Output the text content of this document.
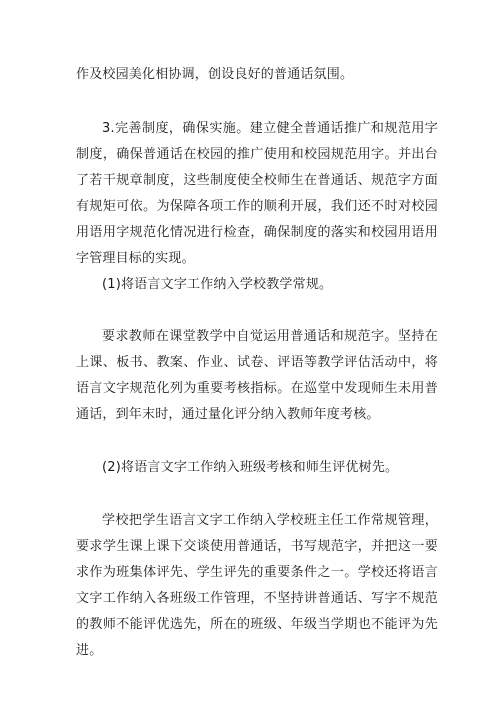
作及校园美化相协调，创设良好的普通话氛围。

3.完善制度，确保实施。建立健全普通话推广和规范用字制度，确保普通话在校园的推广使用和校园规范用字。并出台了若干规章制度，这些制度使全校师生在普通话、规范字方面有规矩可依。为保障各项工作的顺利开展，我们还不时对校园用语用字规范化情况进行检查，确保制度的落实和校园用语用字管理目标的实现。

(1)将语言文字工作纳入学校教学常规。

要求教师在课堂教学中自觉运用普通话和规范字。坚持在上课、板书、教案、作业、试卷、评语等教学评估活动中，将语言文字规范化列为重要考核指标。在巡堂中发现师生未用普通话，到年末时，通过量化评分纳入教师年度考核。

(2)将语言文字工作纳入班级考核和师生评优树先。

学校把学生语言文字工作纳入学校班主任工作常规管理，要求学生课上课下交谈使用普通话，书写规范字，并把这一要求作为班集体评先、学生评先的重要条件之一。学校还将语言文字工作纳入各班级工作管理，不坚持讲普通话、写字不规范的教师不能评优选先，所在的班级、年级当学期也不能评为先进。
